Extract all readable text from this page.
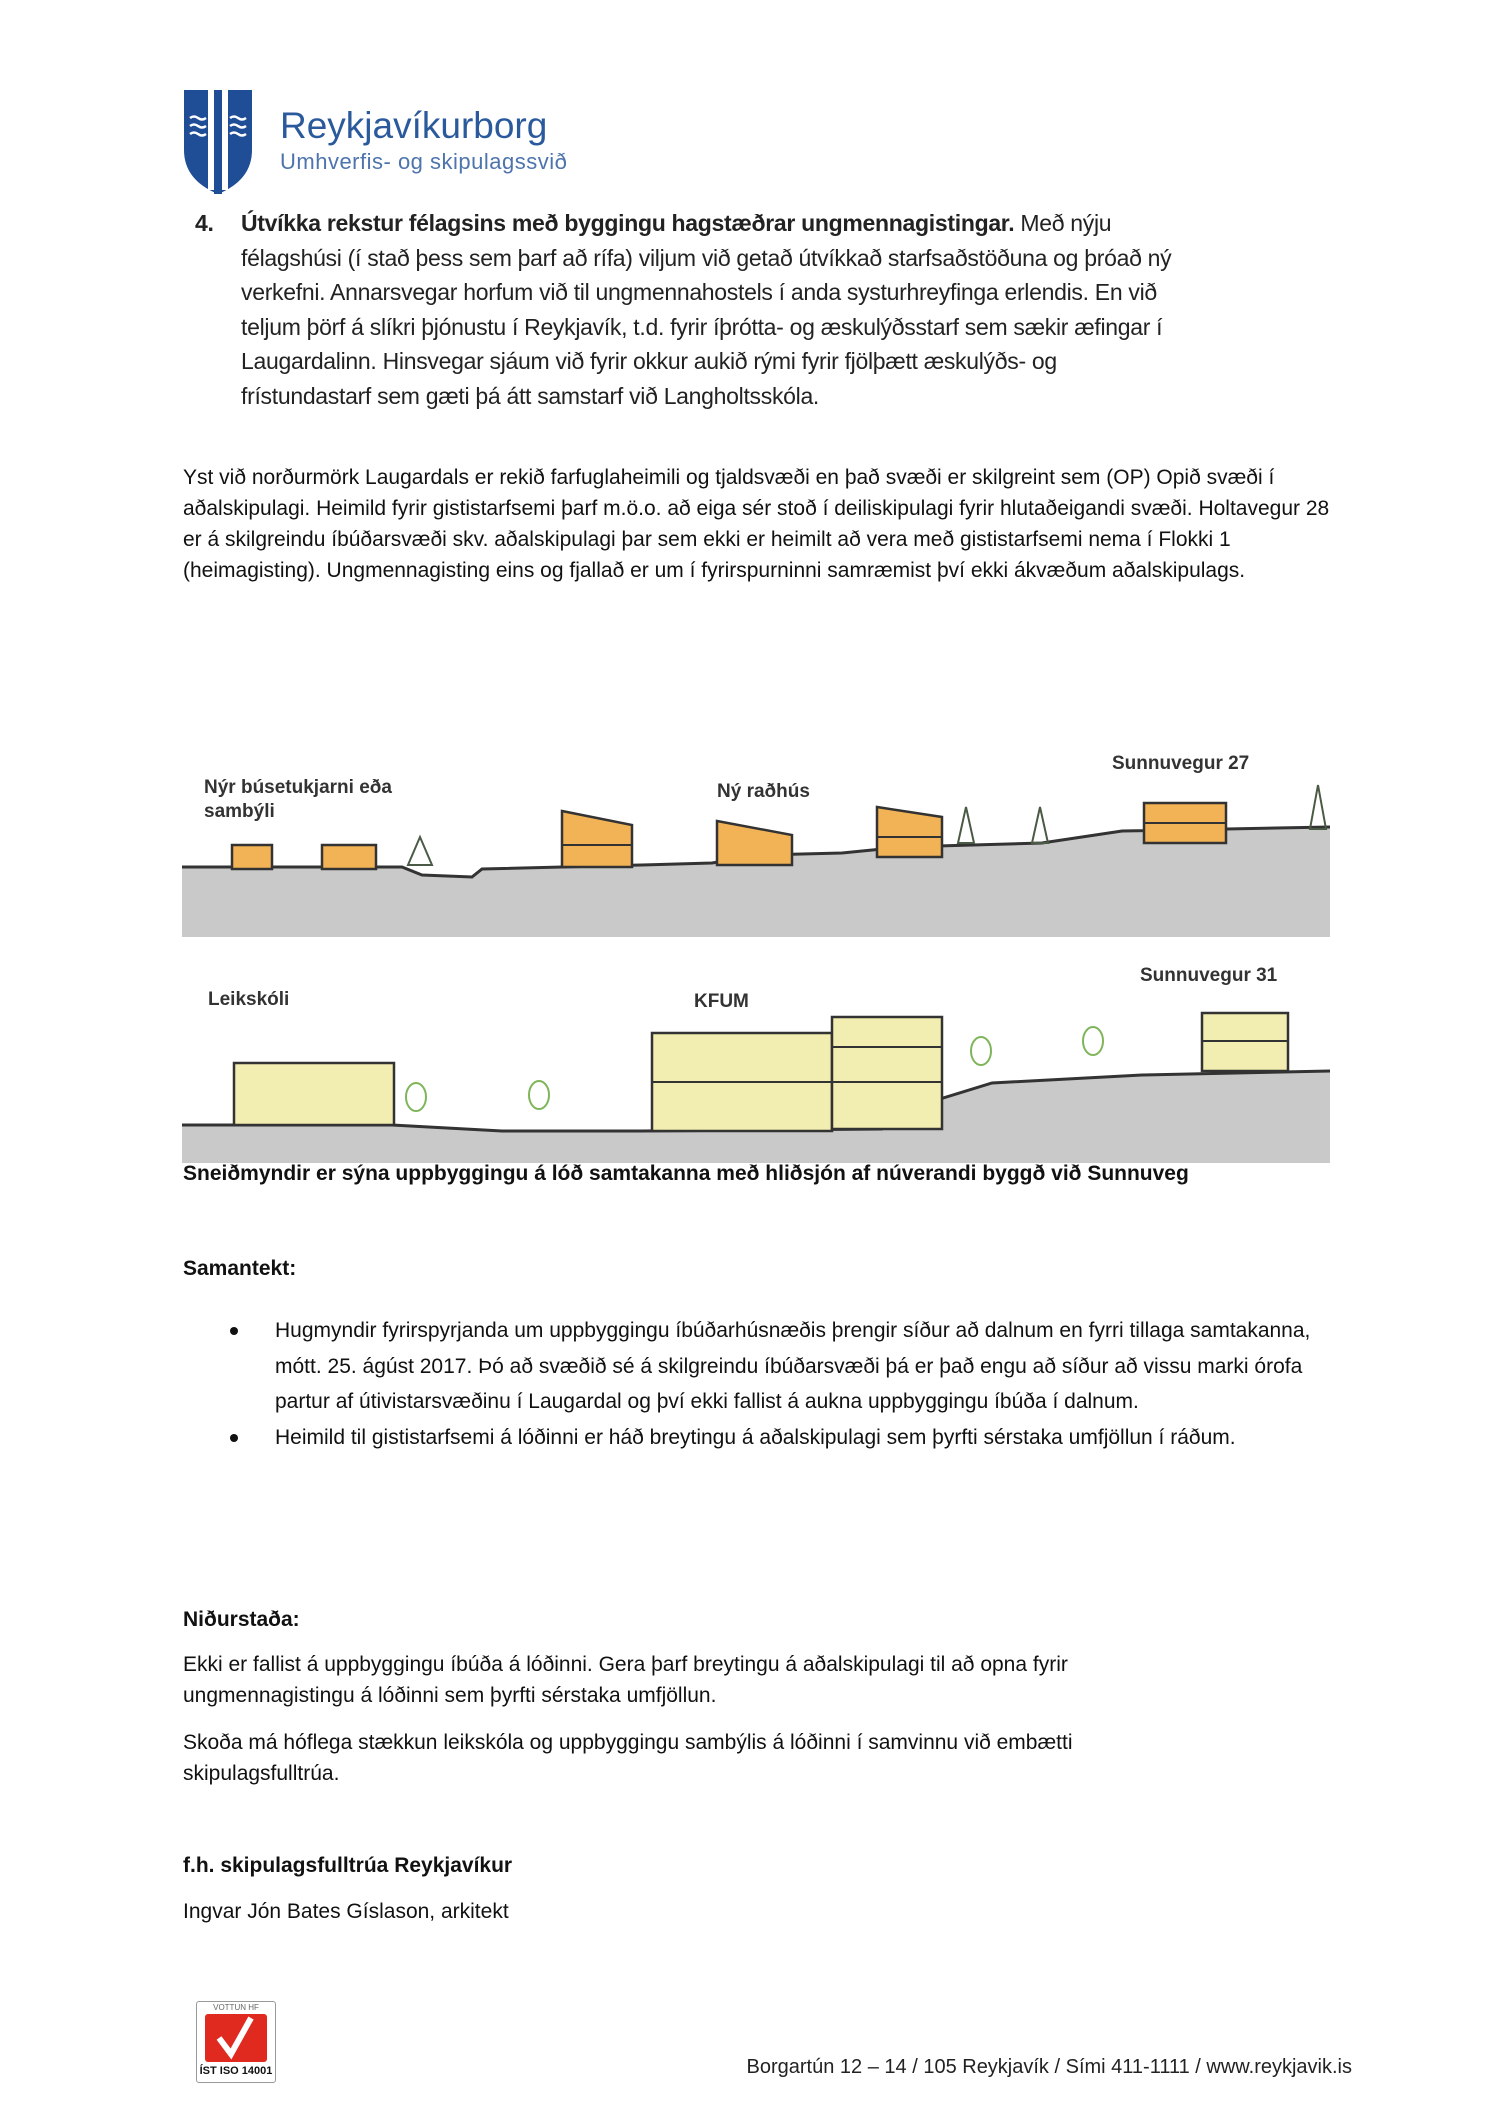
Reykjavíkurborg
Umhverfis- og skipulagssvið
4. Útvíkka rekstur félagsins með byggingu hagstæðrar ungmennagistingar. Með nýju
félagshúsi (í stað þess sem þarf að rífa) viljum við getað útvíkkað starfsaðstöðuna og þróað ný
verkefni. Annarsvegar horfum við til ungmennahostels í anda systurhreyfinga erlendis. En við
teljum þörf á slíkri þjónustu í Reykjavík, t.d. fyrir íþrótta- og æskulýðsstarf sem sækir æfingar í
Laugardalinn. Hinsvegar sjáum við fyrir okkur aukið rými fyrir fjölþætt æskulýðs- og
frístundastarf sem gæti þá átt samstarf við Langholtsskóla.
Yst við norðurmörk Laugardals er rekið farfuglaheimili og tjaldsvæði en það svæði er skilgreint sem (OP) Opið svæði í aðalskipulagi. Heimild fyrir gististarfsemi þarf m.ö.o. að eiga sér stoð í deiliskipulagi fyrir hlutaðeigandi svæði. Holtavegur 28 er á skilgreindu íbúðarsvæði skv. aðalskipulagi þar sem ekki er heimilt að vera með gististarfsemi nema í Flokki 1 (heimagisting). Ungmennagisting eins og fjallað er um í fyrirspurninni samræmist því ekki ákvæðum aðalskipulags.
Nýr búsetukjarni eða
sambýli
Ný raðhús
Sunnuvegur 27
Leikskóli	KFUM
Sunnuvegur 31
Sneiðmyndir er sýna uppbyggingu á lóð samtakanna með hliðsjón af núverandi byggð við Sunnuveg
Samantekt:
Hugmyndir fyrirspyrjanda um uppbyggingu íbúðarhúsnæðis þrengir síður að dalnum en fyrri tillaga samtakanna, mótt. 25. ágúst 2017. Þó að svæðið sé á skilgreindu íbúðarsvæði þá er það engu að síður að vissu marki órofa partur af útivistarsvæðinu í Laugardal og því ekki fallist á aukna uppbyggingu íbúða í dalnum.
Heimild til gististarfsemi á lóðinni er háð breytingu á aðalskipulagi sem þyrfti sérstaka umfjöllun í ráðum.
Niðurstaða:
Ekki er fallist á uppbyggingu íbúða á lóðinni. Gera þarf breytingu á aðalskipulagi til að opna fyrir ungmennagistingu á lóðinni sem þyrfti sérstaka umfjöllun.
Skoða má hóflega stækkun leikskóla og uppbyggingu sambýlis á lóðinni í samvinnu við embætti skipulagsfulltrúa.
f.h. skipulagsfulltrúa Reykjavíkur
Ingvar Jón Bates Gíslason, arkitekt
VOTTUN HF
ÍST ISO 14001	Borgartún 12 – 14 / 105 Reykjavík / Sími 411-1111 / www.reykjavik.is
